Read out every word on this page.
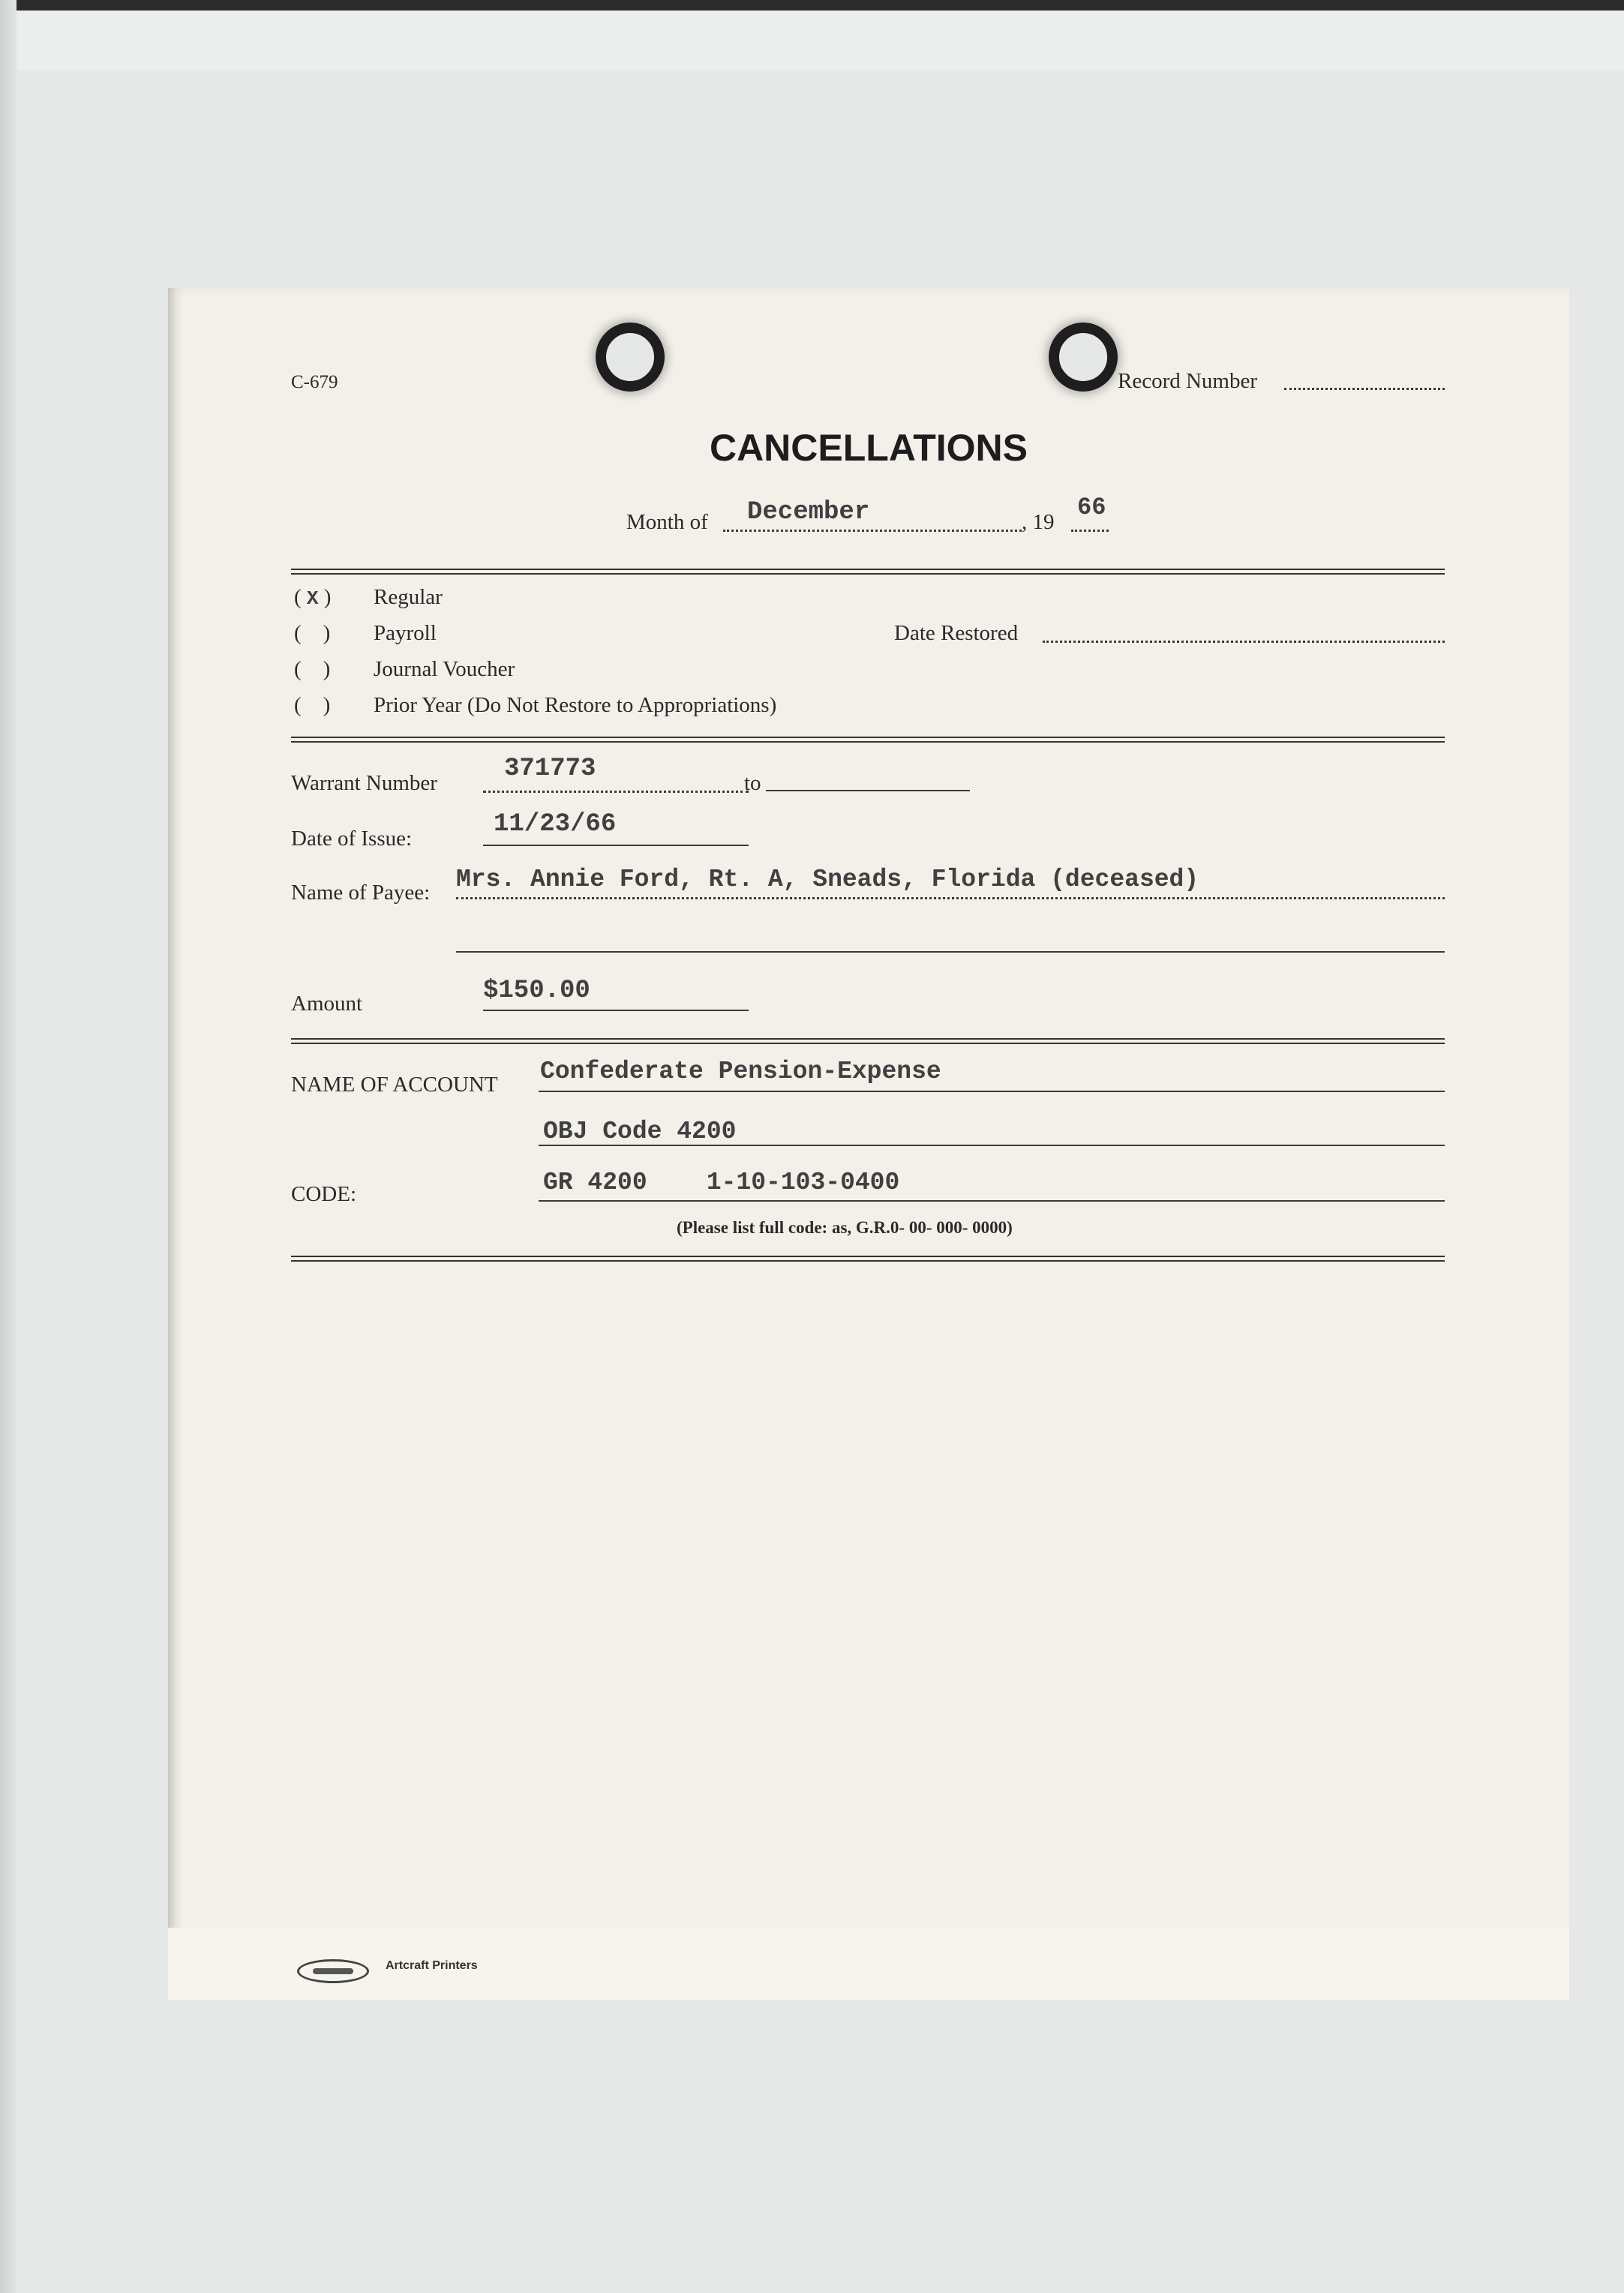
C-679	Record Number
CANCELLATIONS
Month of December	, 19
66
( X ) Regular
(    ) Payroll
(    ) Journal Voucher
(    ) Prior Year (Do Not Restore to Appropriations)
Date Restored
Warrant Number	371773	to
Date of Issue:	11/23/66
Name of Payee: Mrs. Annie Ford, Rt. A, Sneads, Florida (deceased)
Amount	$150.00
NAME OF ACCOUNT Confederate Pension-Expense
OBJ Code 4200
CODE:	GR 4200    1-10-103-0400
(Please list full code: as, G.R.0- 00- 000- 0000)
Artcraft Printers
